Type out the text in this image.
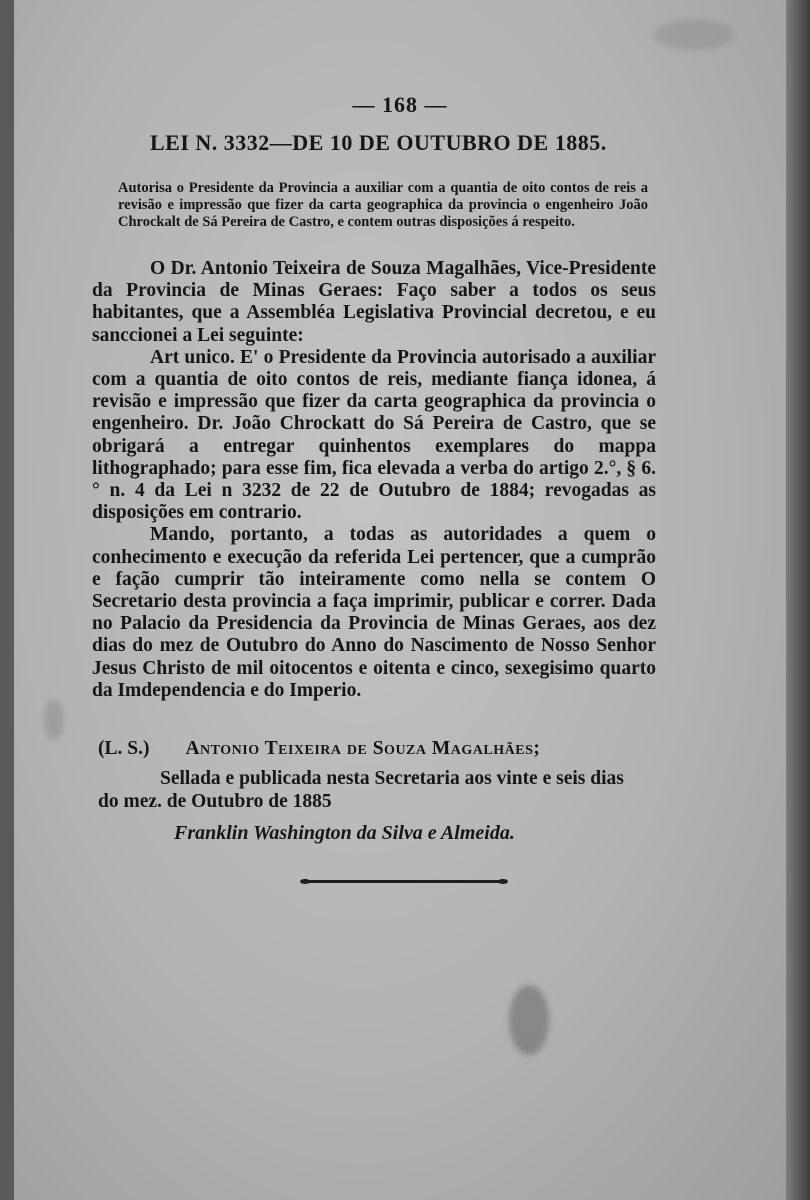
— 168 —
LEI N. 3332—DE 10 DE OUTUBRO DE 1885.
Autorisa o Presidente da Provincia a auxiliar com a quantia de oito contos de reis a revisão e impressão que fizer da carta geographica da provincia o engenheiro João Chrockalt de Sá Pereira de Castro, e contem outras disposições á respeito.

O Dr. Antonio Teixeira de Souza Magalhães, Vice-Presidente da Provincia de Minas Geraes: Faço saber a todos os seus habitantes, que a Assembléa Legislativa Provincial decretou, e eu sanccionei a Lei seguinte:

Art unico. E' o Presidente da Provincia autorisado a auxiliar com a quantia de oito contos de reis, mediante fiança idonea, á revisão e impressão que fizer da carta geographica da provincia o engenheiro. Dr. João Chrockatt do Sá Pereira de Castro, que se obrigará a entregar quinhentos exemplares do mappa lithographado; para esse fim, fica elevada a verba do artigo 2.°, § 6.° n. 4 da Lei n 3232 de 22 de Outubro de 1884; revogadas as disposições em contrario.

Mando, portanto, a todas as autoridades a quem o conhecimento e execução da referida Lei pertencer, que a cumprão e fação cumprir tão inteiramente como nella se contem O Secretario desta provincia a faça imprimir, publicar e correr. Dada no Palacio da Presidencia da Provincia de Minas Geraes, aos dez dias do mez de Outubro do Anno do Nascimento de Nosso Senhor Jesus Christo de mil oitocentos e oitenta e cinco, sexegisimo quarto da Imdependencia e do Imperio.

(L. S.) Antonio Teixeira de Souza Magalhães;
Sellada e publicada nesta Secretaria aos vinte e seis dias
do mez. de Outubro de 1885
Franklin Washington da Silva e Almeida.
